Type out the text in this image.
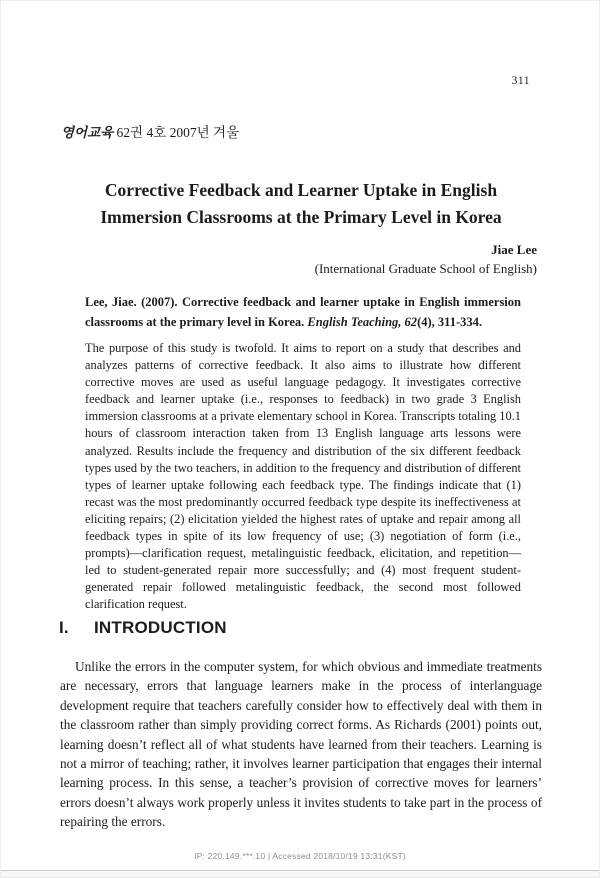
311
영어교육 62권 4호 2007년 겨울
Corrective Feedback and Learner Uptake in English
Immersion Classrooms at the Primary Level in Korea
Jiae Lee
(International Graduate School of English)
Lee, Jiae. (2007). Corrective feedback and learner uptake in English immersion classrooms at the primary level in Korea. English Teaching, 62(4), 311-334.
The purpose of this study is twofold. It aims to report on a study that describes and analyzes patterns of corrective feedback. It also aims to illustrate how different corrective moves are used as useful language pedagogy. It investigates corrective feedback and learner uptake (i.e., responses to feedback) in two grade 3 English immersion classrooms at a private elementary school in Korea. Transcripts totaling 10.1 hours of classroom interaction taken from 13 English language arts lessons were analyzed. Results include the frequency and distribution of the six different feedback types used by the two teachers, in addition to the frequency and distribution of different types of learner uptake following each feedback type. The findings indicate that (1) recast was the most predominantly occurred feedback type despite its ineffectiveness at eliciting repairs; (2) elicitation yielded the highest rates of uptake and repair among all feedback types in spite of its low frequency of use; (3) negotiation of form (i.e., prompts)—clarification request, metalinguistic feedback, elicitation, and repetition—led to student-generated repair more successfully; and (4) most frequent student-generated repair followed metalinguistic feedback, the second most followed clarification request.
I. INTRODUCTION
Unlike the errors in the computer system, for which obvious and immediate treatments are necessary, errors that language learners make in the process of interlanguage development require that teachers carefully consider how to effectively deal with them in the classroom rather than simply providing correct forms. As Richards (2001) points out, learning doesn’t reflect all of what students have learned from their teachers. Learning is not a mirror of teaching; rather, it involves learner participation that engages their internal learning process. In this sense, a teacher’s provision of corrective moves for learners’ errors doesn’t always work properly unless it invites students to take part in the process of repairing the errors.
IP: 220.149.***.10 | Accessed 2018/10/19 13:31(KST)
